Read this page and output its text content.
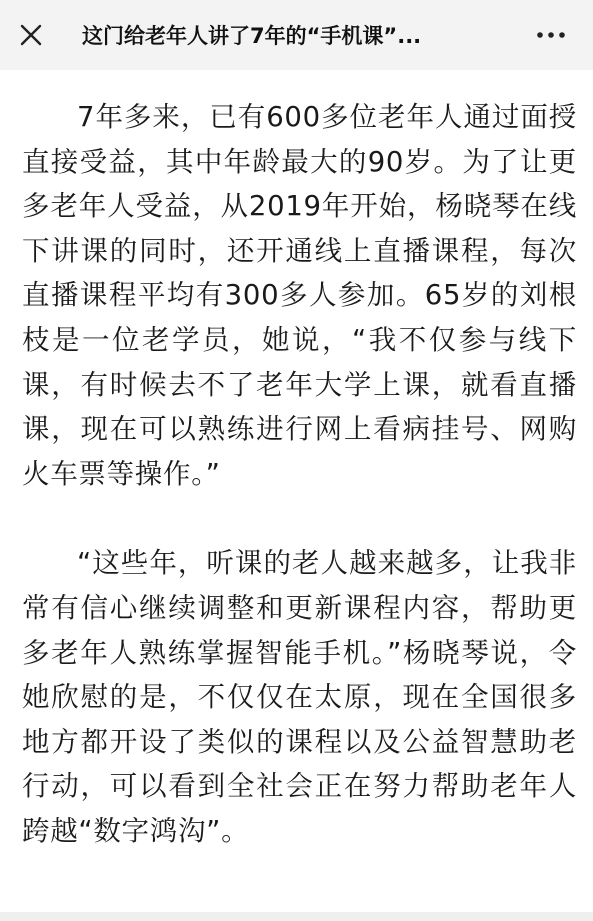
这门给老年人讲了7年的“手机课”...

7年多来，已有600多位老年人通过面授直接受益，其中年龄最大的90岁。为了让更多老年人受益，从2019年开始，杨晓琴在线下讲课的同时，还开通线上直播课程，每次直播课程平均有300多人参加。65岁的刘根枝是一位老学员，她说，“我不仅参与线下课，有时候去不了老年大学上课，就看直播课，现在可以熟练进行网上看病挂号、网购火车票等操作。”

“这些年，听课的老人越来越多，让我非常有信心继续调整和更新课程内容，帮助更多老年人熟练掌握智能手机。”杨晓琴说，令她欣慰的是，不仅仅在太原，现在全国很多地方都开设了类似的课程以及公益智慧助老行动，可以看到全社会正在努力帮助老年人跨越“数字鸿沟”。
